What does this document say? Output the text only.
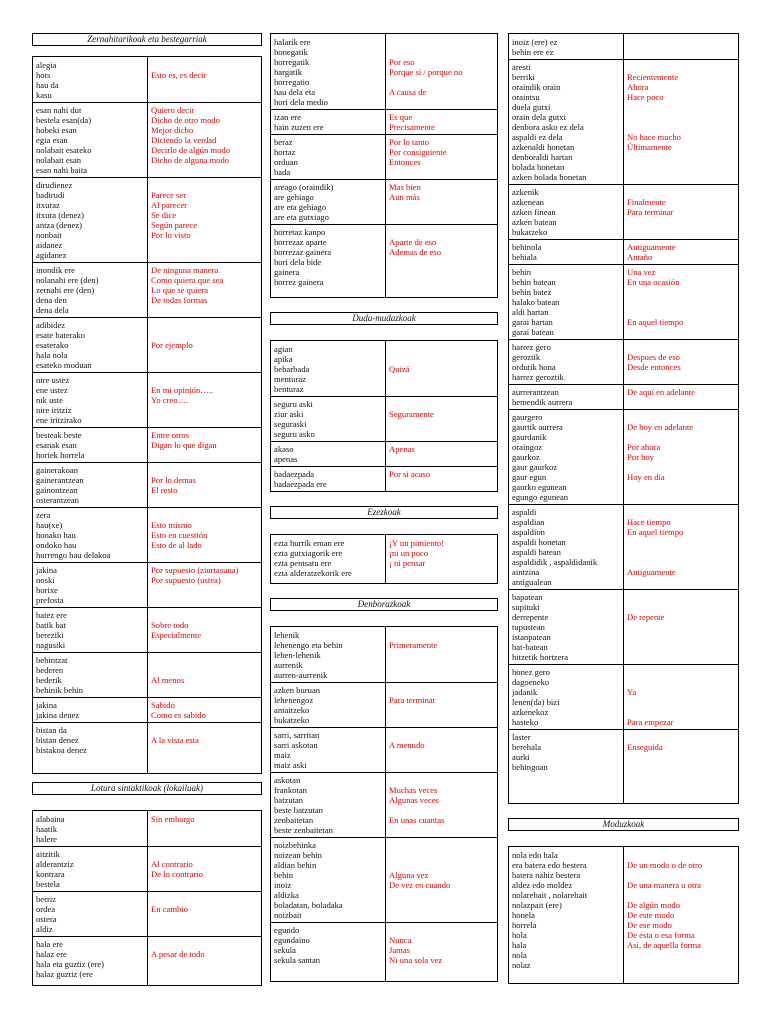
Zernahitarikoak eta bestegarriak
alegia
hots
hau da
kasu
Esto es, es decir
esan nahi dut
bestela esan(da)
hobeki esan
egia esan
nolabait esateko
nolabait esan
esan nahi baita
Quiero decir
Dicho de otro modo
Mejor dicho
Diciendo la verdad
Decirlo de algún modo
Dicho de alguna modo
dirudienez
badirudi
itxuraz
itxura (denez)
antza (denez)
nonbait
aidanez
agidanez
Parece ser
Al parecer
Se dice
Según parece
Por lo visto
inondik ere
nolanahi ere (den)
zernahi ere (den)
dena den
dena dela
De ninguna manera
Como quiera que sea
Lo que se quiera
De todas formas
adibidez
esate baterako
esaterako
hala nola
esateko moduan
Por ejemplo
nire ustez
ene ustez
nik uste
nire iritziz
ene iritzirako
En mi opinión…..
Yo creo….
besteak beste
esanak esan
horiek horrela
Entre otros
Digan lo que digan
gainerakoan
gainerantzean
gainontzean
osterantzean
Por lo demas
El resto
zera
hau(xe)
honako hau
ondoko hau
hurrengo hau delakoa
Esto mismo
Esto en cuestión
Esto de al lado
jakina
noski
horixe
prefosta
Por supuesto (ziurtasuna)
Por supuesto (ustea)
batez ere
batik bat
bereziki
nagusiki
Sobre todo
Especialmente
behintzat
bederen
bederik
behinik behin
Al menos
jakina
jakina denez
Sabido
Como es sabido
bistan da
bistan denez
bistakoa denez
A la vista esta
Lotura sintaktikoak (lokailuak)
alabaina
haatik
halere
Sin embargo
aitzitik
alderantziz
kontrara
bestela
Al contrario
De lo contrario
berriz
ordea
ostera
aldiz
En cambio
hala ere
halaz ere
hala eta guztiz (ere)
halaz guztiz (ere
A pesar de todo
halarik ere
honegatik
horregatik
hargatik
horregatio
hau dela eta
hori dela medio
Por eso
Porque sí / porque no
A causa de
izan ere
hain zuzen ere
Es que
Precisamente
beraz
hortaz
orduan
bada
Por lo tanto
Por consiguiente
Entonces
areago (oraindik)
are gehiago
are eta gehiago
are eta gutxiago
Mas bien
Aun más
horretaz kanpo
horrezaz aparte
horrezaz gainera
hori dela bide
gainera
horrez gainera
Aparte de eso
Ademas de eso
Duda-mudazkoak
agian
apika
beharbada
menturaz
benturaz
Quizá
seguru aski
ziur aski
seguraski
seguru asko
Seguramente
akaso
apenas
Apenas
badaezpada
badaezpada ere
Por si acaso
Ezezkoak
ezta hurrik eman ere
ezta gutxiagorik ere
ezta pentsatu ere
ezta alderatzekorik ere
¡Y un pimiento!
¡ni un poco
¡ ni pensar
Denborazkoak
lehenik
lehenengo eta behin
lehen-lehenik
aurrenik
aurren-aurrenik
Primeramente
azken buruan
lehenengoz
amaitzeko
bukatzeko
Para terminar
sarri, sarritan
sarri askotan
maiz
maiz aski
A menudo
askotan
frankotan
batzutan
beste batzutan
zenbaitetan
beste zenbaitetan
Muchas veces
Algunas veces
En unas cuantas
noizbehinka
noizean behin
aldian behin
behin
inoiz
aldizka
boladatan, boladaka
noizbait
Alguna vez
De vez en cuando
egundo
egundaino
sekula
sekula santan
Nunca
Jamas
Ni una sola vez
inoiz (ere) ez
behin ere ez
aresti
berriki
oraindik orain
oraintsu
duela gutxi
orain dela gutxi
denbora asko ez dela
aspaldi ez dela
azkenaldi honetan
denboraldi hartan
bolada honetan
azken bolada honetan
Recientemente
Ahora
Hace poco
No hace mucho
Últimamente
azkenik
azkenean
azken finean
azken batean
bukatzeko
Finalmente
Para terminar
behinola
behiala
Antiguamente
Antaño
behin
behin batean
behin batez
halako batean
aldi hartan
garai hartan
garai batean
Una vez
En una ocasión
En aquel tiempo
harrez gero
geroztik
ordutik hona
harrez geroztik
Despues de eso
Desde entonces
aurrerantzean
hemendik aurrera
De aquí en adelante
gaurgero
gaurtik aurrera
gaurdanik
oraingoz
gaurkoz
gaur gaurkoz
gaur egun
gaurko egunean
egungo egunean
De hoy en adelante
Por ahora
Por hoy
Hoy en día
aspaldi
aspaldian
aspaldion
aspaldi honetan
aspaldi batean
aspaldidik , aspaldidanik
aintzina
antigualean
Hace tiempo
En aquel tiempo
Antiguamente
bapatean
supituki
derrepente
tupustean
istanpatean
bat-batean
hitzetik hortzera
De repente
honez gero
dagoeneko
jadanik
lenen(da) bizi
azkenekoz
hasteko
Ya
Para empezar
laster
berehala
aurki
behingoan
Enseguida
Moduzkoak
nola edo hala
era batera edo bestera
batera nahiz bestera
aldez edo moldez
nolarebait , nolarebait
nolazpait (ere)
honela
horrela
hola
hala
nola
nolaz
De un modo o de otro
De una manera u otra
De algún modo
De este modo
De ese modo
De esta o esa forma
Así, de aquella forma
